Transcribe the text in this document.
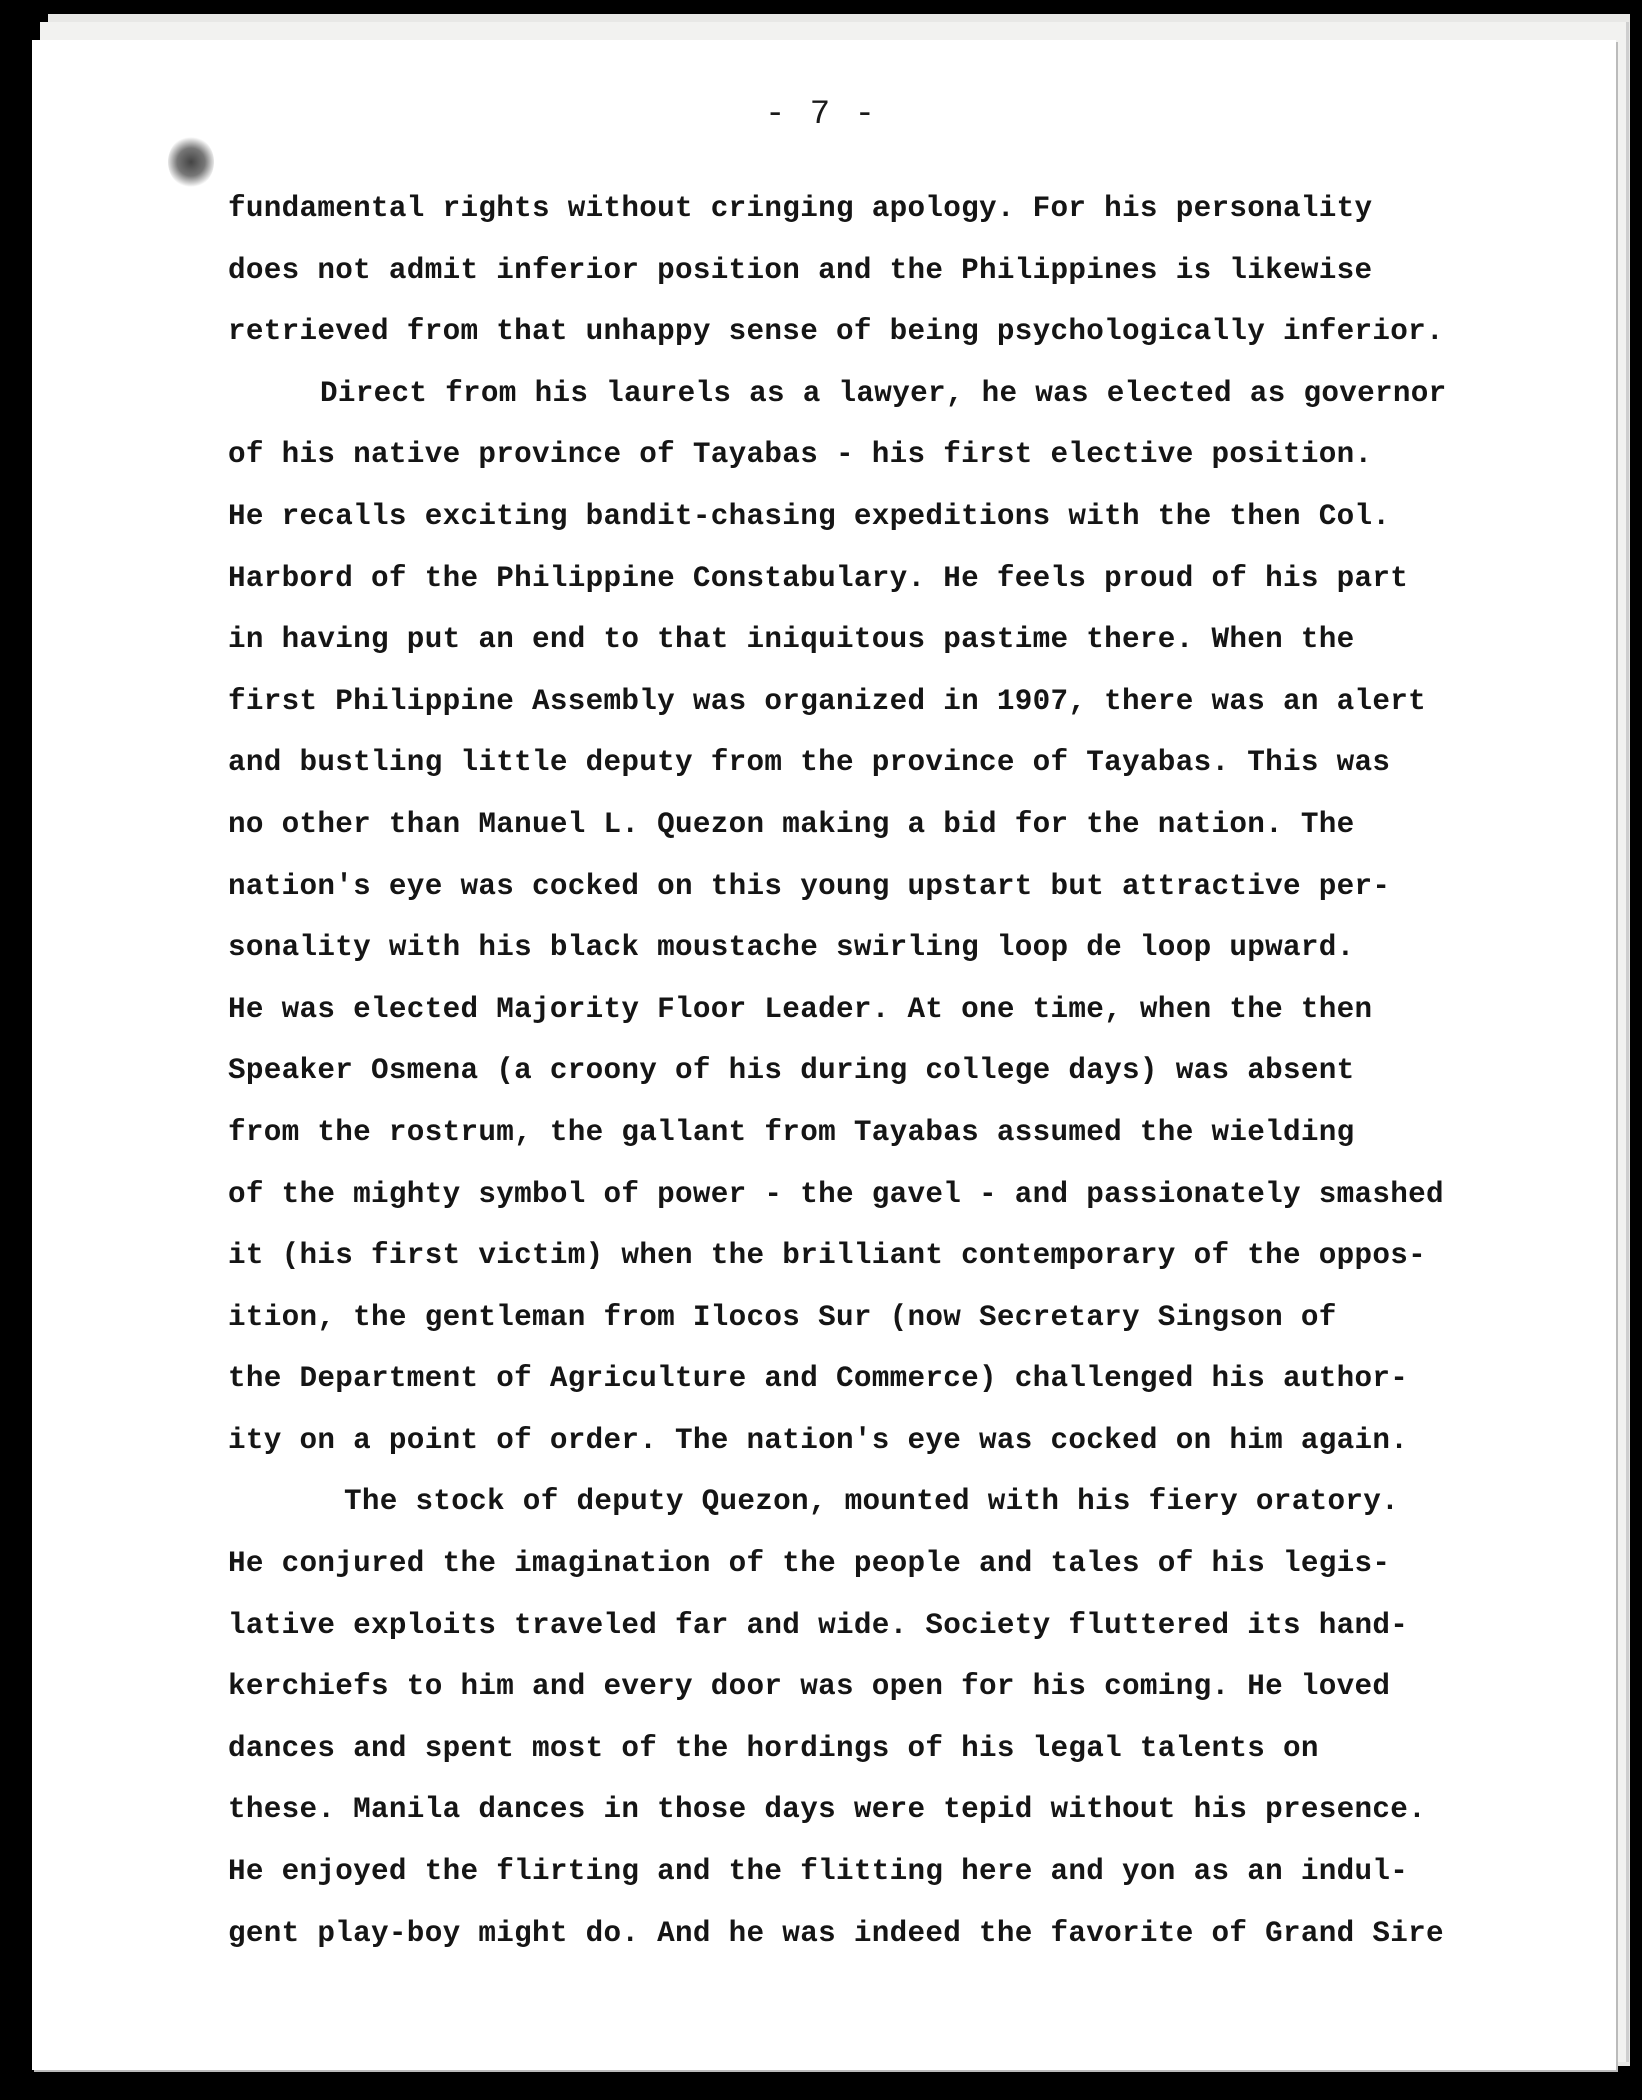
- 7 -
fundamental rights without cringing apology. For his personality
does not admit inferior position and the Philippines is likewise
retrieved from that unhappy sense of being psychologically inferior.
Direct from his laurels as a lawyer, he was elected as governor
of his native province of Tayabas - his first elective position.
He recalls exciting bandit-chasing expeditions with the then Col.
Harbord of the Philippine Constabulary. He feels proud of his part
in having put an end to that iniquitous pastime there. When the
first Philippine Assembly was organized in 1907, there was an alert
and bustling little deputy from the province of Tayabas. This was
no other than Manuel L. Quezon making a bid for the nation. The
nation's eye was cocked on this young upstart but attractive per-
sonality with his black moustache swirling loop de loop upward.
He was elected Majority Floor Leader. At one time, when the then
Speaker Osmena (a croony of his during college days) was absent
from the rostrum, the gallant from Tayabas assumed the wielding
of the mighty symbol of power - the gavel - and passionately smashed
it (his first victim) when the brilliant contemporary of the oppos-
ition, the gentleman from Ilocos Sur (now Secretary Singson of
the Department of Agriculture and Commerce) challenged his author-
ity on a point of order. The nation's eye was cocked on him again.
The stock of deputy Quezon, mounted with his fiery oratory.
He conjured the imagination of the people and tales of his legis-
lative exploits traveled far and wide. Society fluttered its hand-
kerchiefs to him and every door was open for his coming. He loved
dances and spent most of the hordings of his legal talents on
these. Manila dances in those days were tepid without his presence.
He enjoyed the flirting and the flitting here and yon as an indul-
gent play-boy might do. And he was indeed the favorite of Grand Sire
